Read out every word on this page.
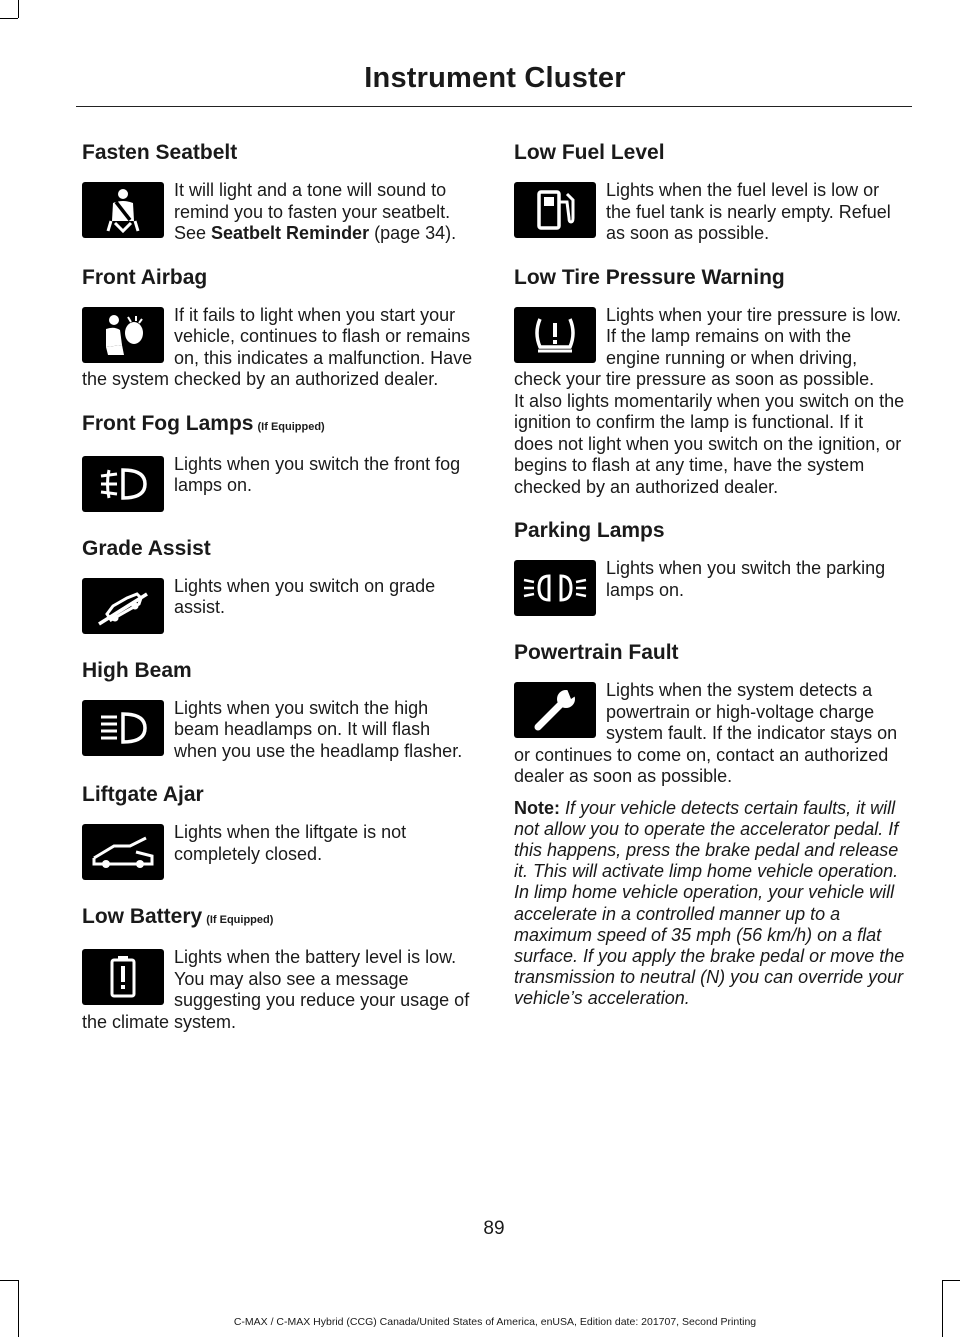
Instrument Cluster
Fasten Seatbelt

It will light and a tone will sound to remind you to fasten your seatbelt. See Seatbelt Reminder (page 34).

Front Airbag

If it fails to light when you start your vehicle, continues to flash or remains on, this indicates a malfunction. Have the system checked by an authorized dealer.

Front Fog Lamps (If Equipped)

Lights when you switch the front fog lamps on.

Grade Assist

Lights when you switch on grade assist.

High Beam

Lights when you switch the high beam headlamps on. It will flash when you use the headlamp flasher.

Liftgate Ajar

Lights when the liftgate is not completely closed.

Low Battery (If Equipped)

Lights when the battery level is low. You may also see a message suggesting you reduce your usage of the climate system.

Low Fuel Level

Lights when the fuel level is low or the fuel tank is nearly empty. Refuel as soon as possible.

Low Tire Pressure Warning

Lights when your tire pressure is low. If the lamp remains on with the engine running or when driving, check your tire pressure as soon as possible.

It also lights momentarily when you switch on the ignition to confirm the lamp is functional. If it does not light when you switch on the ignition, or begins to flash at any time, have the system checked by an authorized dealer.

Parking Lamps

Lights when you switch the parking lamps on.

Powertrain Fault

Lights when the system detects a powertrain or high-voltage charge system fault. If the indicator stays on or continues to come on, contact an authorized dealer as soon as possible.

Note: If your vehicle detects certain faults, it will not allow you to operate the accelerator pedal. If this happens, press the brake pedal and release it. This will activate limp home vehicle operation. In limp home vehicle operation, your vehicle will accelerate in a controlled manner up to a maximum speed of 35 mph (56 km/h) on a flat surface. If you apply the brake pedal or move the transmission to neutral (N) you can override your vehicle’s acceleration.

89
C-MAX / C-MAX Hybrid (CCG) Canada/United States of America, enUSA, Edition date: 201707, Second Printing
